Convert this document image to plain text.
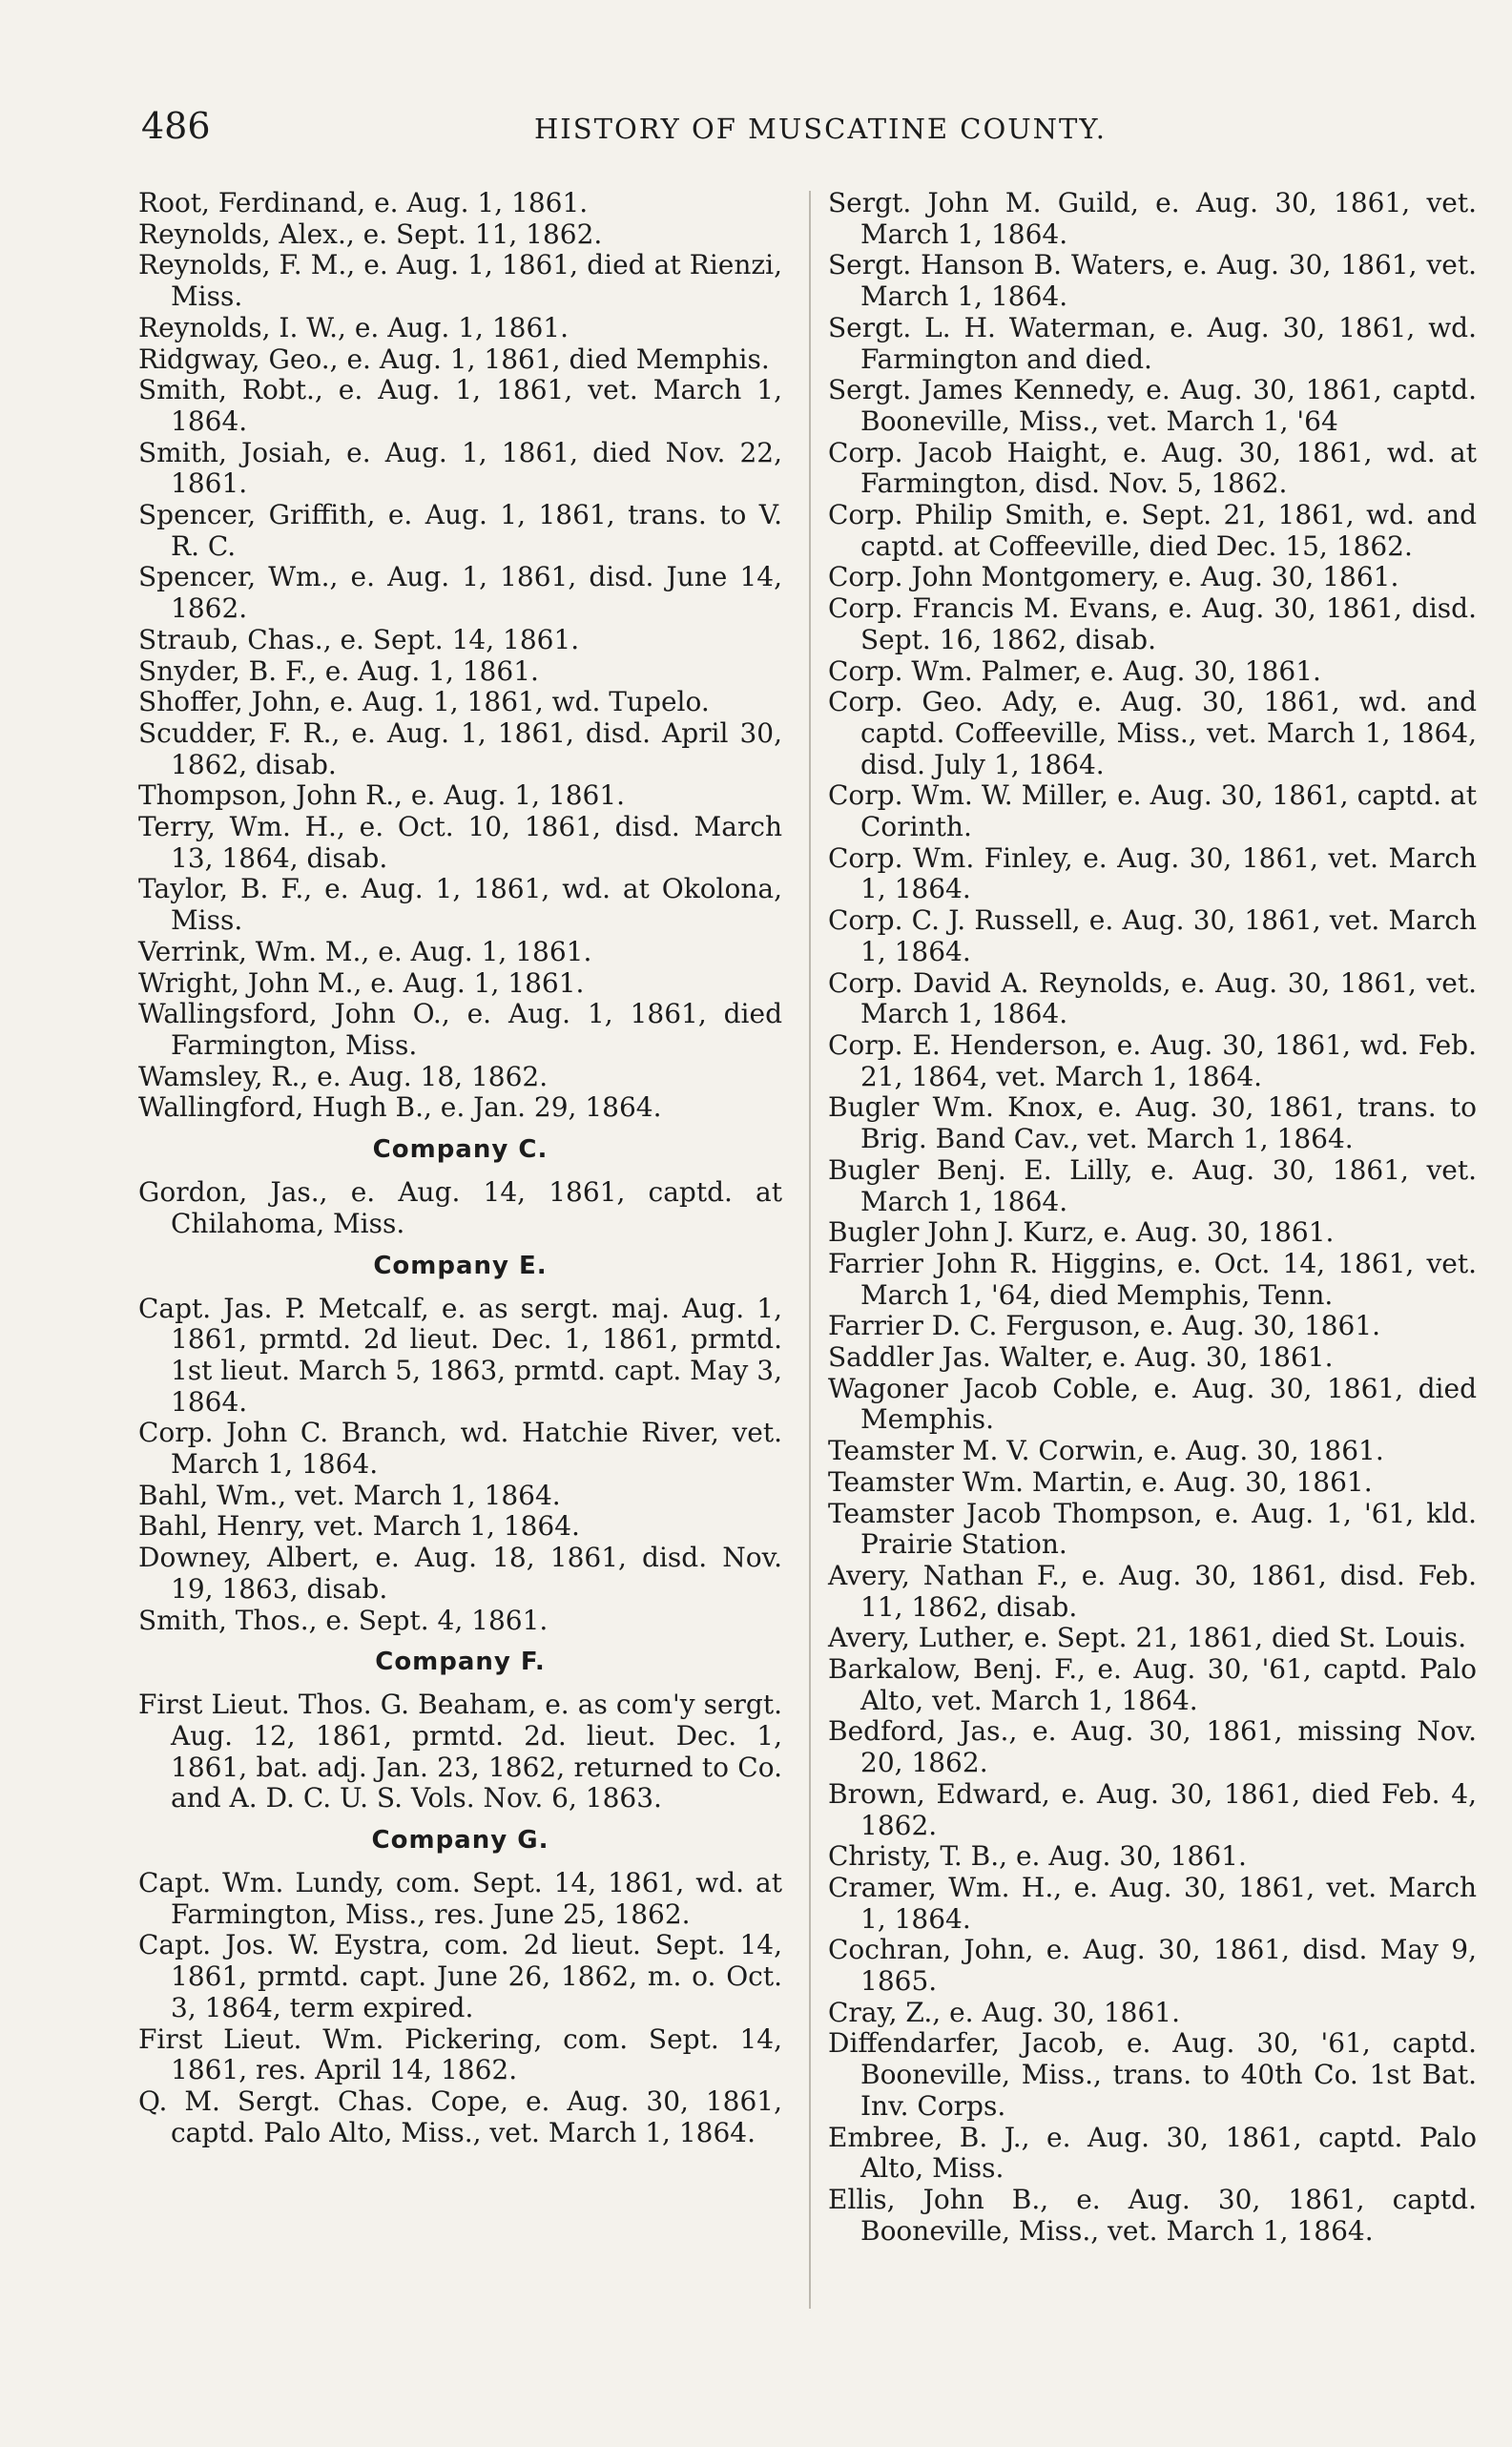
486	HISTORY OF MUSCATINE COUNTY.
Root, Ferdinand, e. Aug. 1, 1861.
Reynolds, Alex., e. Sept. 11, 1862.
Reynolds, F. M., e. Aug. 1, 1861, died at Rienzi, Miss.
Reynolds, I. W., e. Aug. 1, 1861.
Ridgway, Geo., e. Aug. 1, 1861, died Memphis.
Smith, Robt., e. Aug. 1, 1861, vet. March 1, 1864.
Smith, Josiah, e. Aug. 1, 1861, died Nov. 22, 1861.
Spencer, Griffith, e. Aug. 1, 1861, trans. to V. R. C.
Spencer, Wm., e. Aug. 1, 1861, disd. June 14, 1862.
Straub, Chas., e. Sept. 14, 1861.
Snyder, B. F., e. Aug. 1, 1861.
Shoffer, John, e. Aug. 1, 1861, wd. Tupelo.
Scudder, F. R., e. Aug. 1, 1861, disd. April 30, 1862, disab.
Thompson, John R., e. Aug. 1, 1861.
Terry, Wm. H., e. Oct. 10, 1861, disd. March 13, 1864, disab.
Taylor, B. F., e. Aug. 1, 1861, wd. at Okolona, Miss.
Verrink, Wm. M., e. Aug. 1, 1861.
Wright, John M., e. Aug. 1, 1861.
Wallingsford, John O., e. Aug. 1, 1861, died Farmington, Miss.
Wamsley, R., e. Aug. 18, 1862.
Wallingford, Hugh B., e. Jan. 29, 1864.
Company C.
Gordon, Jas., e. Aug. 14, 1861, captd. at Chilahoma, Miss.
Company E.
Capt. Jas. P. Metcalf, e. as sergt. maj. Aug. 1, 1861, prmtd. 2d lieut. Dec. 1, 1861, prmtd. 1st lieut. March 5, 1863, prmtd. capt. May 3, 1864.
Corp. John C. Branch, wd. Hatchie River, vet. March 1, 1864.
Bahl, Wm., vet. March 1, 1864.
Bahl, Henry, vet. March 1, 1864.
Downey, Albert, e. Aug. 18, 1861, disd. Nov. 19, 1863, disab.
Smith, Thos., e. Sept. 4, 1861.
Company F.
First Lieut. Thos. G. Beaham, e. as com'y sergt. Aug. 12, 1861, prmtd. 2d. lieut. Dec. 1, 1861, bat. adj. Jan. 23, 1862, returned to Co. and A. D. C. U. S. Vols. Nov. 6, 1863.
Company G.
Capt. Wm. Lundy, com. Sept. 14, 1861, wd. at Farmington, Miss., res. June 25, 1862.
Capt. Jos. W. Eystra, com. 2d lieut. Sept. 14, 1861, prmtd. capt. June 26, 1862, m. o. Oct. 3, 1864, term expired.
First Lieut. Wm. Pickering, com. Sept. 14, 1861, res. April 14, 1862.
Q. M. Sergt. Chas. Cope, e. Aug. 30, 1861, captd. Palo Alto, Miss., vet. March 1, 1864.
Sergt. John M. Guild, e. Aug. 30, 1861, vet. March 1, 1864.
Sergt. Hanson B. Waters, e. Aug. 30, 1861, vet. March 1, 1864.
Sergt. L. H. Waterman, e. Aug. 30, 1861, wd. Farmington and died.
Sergt. James Kennedy, e. Aug. 30, 1861, captd. Booneville, Miss., vet. March 1, '64
Corp. Jacob Haight, e. Aug. 30, 1861, wd. at Farmington, disd. Nov. 5, 1862.
Corp. Philip Smith, e. Sept. 21, 1861, wd. and captd. at Coffeeville, died Dec. 15, 1862.
Corp. John Montgomery, e. Aug. 30, 1861.
Corp. Francis M. Evans, e. Aug. 30, 1861, disd. Sept. 16, 1862, disab.
Corp. Wm. Palmer, e. Aug. 30, 1861.
Corp. Geo. Ady, e. Aug. 30, 1861, wd. and captd. Coffeeville, Miss., vet. March 1, 1864, disd. July 1, 1864.
Corp. Wm. W. Miller, e. Aug. 30, 1861, captd. at Corinth.
Corp. Wm. Finley, e. Aug. 30, 1861, vet. March 1, 1864.
Corp. C. J. Russell, e. Aug. 30, 1861, vet. March 1, 1864.
Corp. David A. Reynolds, e. Aug. 30, 1861, vet. March 1, 1864.
Corp. E. Henderson, e. Aug. 30, 1861, wd. Feb. 21, 1864, vet. March 1, 1864.
Bugler Wm. Knox, e. Aug. 30, 1861, trans. to Brig. Band Cav., vet. March 1, 1864.
Bugler Benj. E. Lilly, e. Aug. 30, 1861, vet. March 1, 1864.
Bugler John J. Kurz, e. Aug. 30, 1861.
Farrier John R. Higgins, e. Oct. 14, 1861, vet. March 1, '64, died Memphis, Tenn.
Farrier D. C. Ferguson, e. Aug. 30, 1861.
Saddler Jas. Walter, e. Aug. 30, 1861.
Wagoner Jacob Coble, e. Aug. 30, 1861, died Memphis.
Teamster M. V. Corwin, e. Aug. 30, 1861.
Teamster Wm. Martin, e. Aug. 30, 1861.
Teamster Jacob Thompson, e. Aug. 1, '61, kld. Prairie Station.
Avery, Nathan F., e. Aug. 30, 1861, disd. Feb. 11, 1862, disab.
Avery, Luther, e. Sept. 21, 1861, died St. Louis.
Barkalow, Benj. F., e. Aug. 30, '61, captd. Palo Alto, vet. March 1, 1864.
Bedford, Jas., e. Aug. 30, 1861, missing Nov. 20, 1862.
Brown, Edward, e. Aug. 30, 1861, died Feb. 4, 1862.
Christy, T. B., e. Aug. 30, 1861.
Cramer, Wm. H., e. Aug. 30, 1861, vet. March 1, 1864.
Cochran, John, e. Aug. 30, 1861, disd. May 9, 1865.
Cray, Z., e. Aug. 30, 1861.
Diffendarfer, Jacob, e. Aug. 30, '61, captd. Booneville, Miss., trans. to 40th Co. 1st Bat. Inv. Corps.
Embree, B. J., e. Aug. 30, 1861, captd. Palo Alto, Miss.
Ellis, John B., e. Aug. 30, 1861, captd. Booneville, Miss., vet. March 1, 1864.
